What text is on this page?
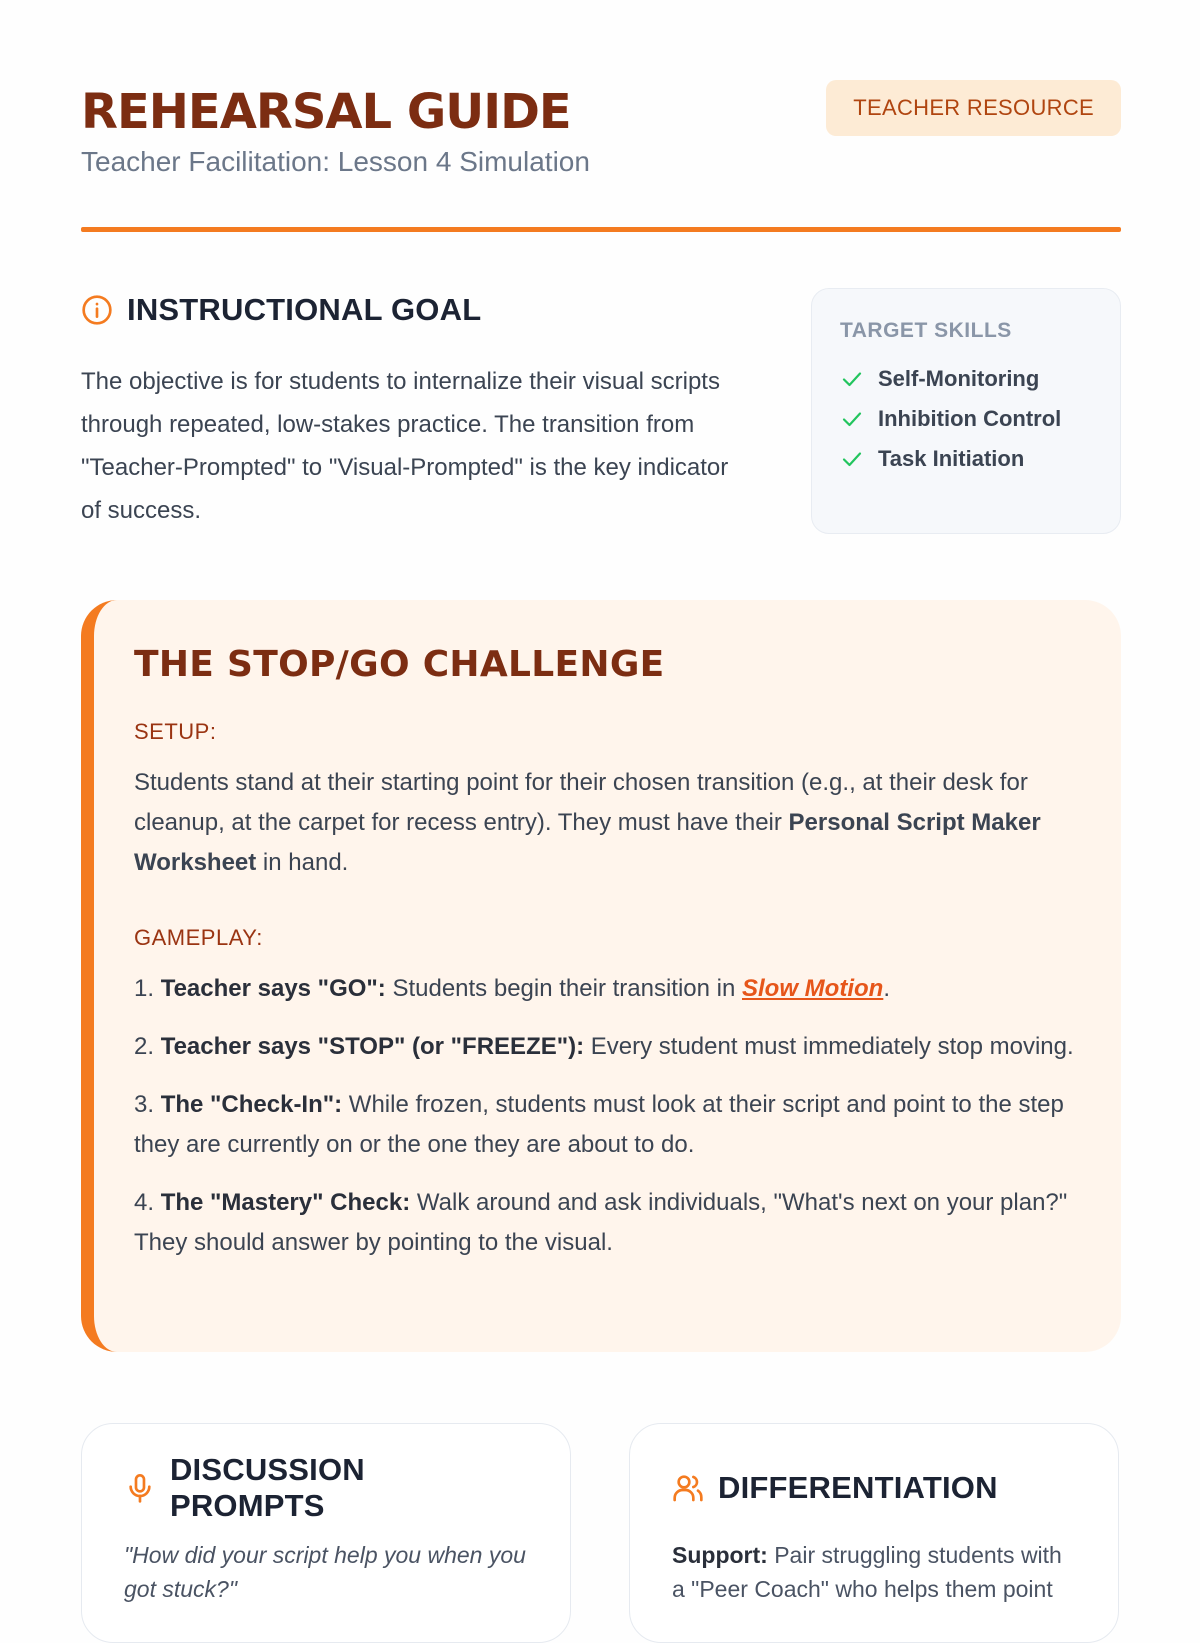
REHEARSAL GUIDE
Teacher Facilitation: Lesson 4 Simulation
TEACHER RESOURCE
INSTRUCTIONAL GOAL
The objective is for students to internalize their visual scripts through repeated, low-stakes practice. The transition from "Teacher-Prompted" to "Visual-Prompted" is the key indicator of success.
TARGET SKILLS
Self-Monitoring
Inhibition Control
Task Initiation
THE STOP/GO CHALLENGE
SETUP:
Students stand at their starting point for their chosen transition (e.g., at their desk for cleanup, at the carpet for recess entry). They must have their Personal Script Maker Worksheet in hand.
GAMEPLAY:
1. Teacher says "GO": Students begin their transition in Slow Motion.
2. Teacher says "STOP" (or "FREEZE"): Every student must immediately stop moving.
3. The "Check-In": While frozen, students must look at their script and point to the step they are currently on or the one they are about to do.
4. The "Mastery" Check: Walk around and ask individuals, "What's next on your plan?" They should answer by pointing to the visual.
DISCUSSION PROMPTS
"How did your script help you when you got stuck?"
DIFFERENTIATION
Support: Pair struggling students with a "Peer Coach" who helps them point
